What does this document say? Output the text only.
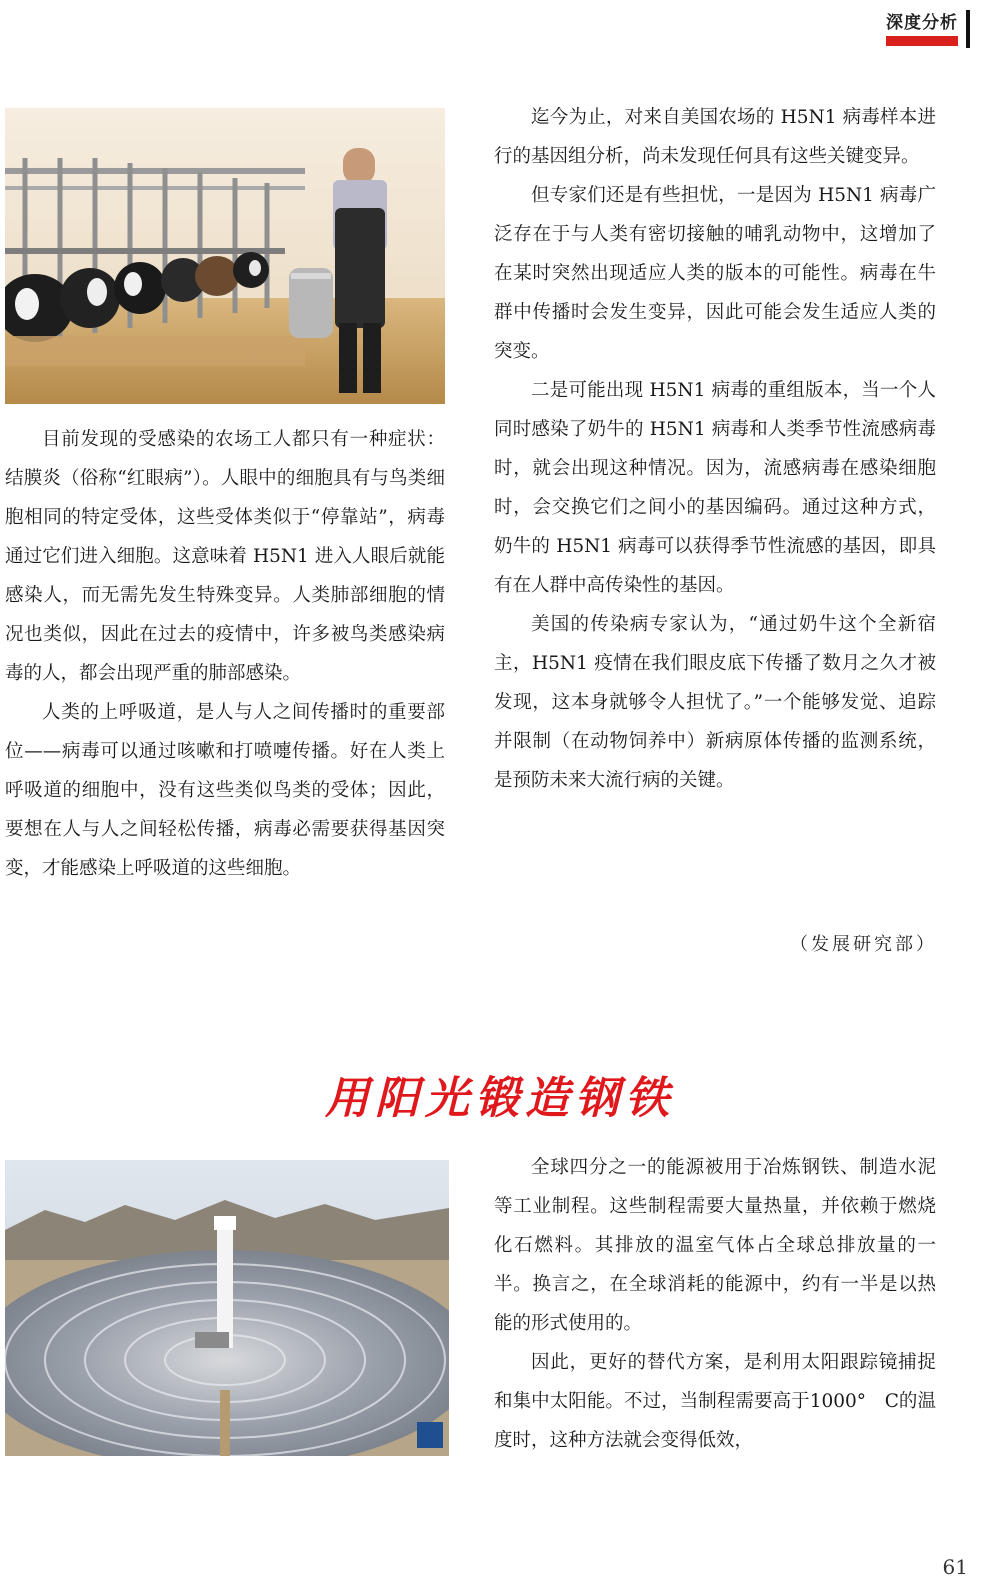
深度分析

目前发现的受感染的农场工人都只有一种症状：结膜炎（俗称“红眼病”）。人眼中的细胞具有与鸟类细胞相同的特定受体，这些受体类似于“停靠站”，病毒通过它们进入细胞。这意味着 H5N1 进入人眼后就能感染人，而无需先发生特殊变异。人类肺部细胞的情况也类似，因此在过去的疫情中，许多被鸟类感染病毒的人，都会出现严重的肺部感染。

人类的上呼吸道，是人与人之间传播时的重要部位——病毒可以通过咳嗽和打喷嚏传播。好在人类上呼吸道的细胞中，没有这些类似鸟类的受体；因此，要想在人与人之间轻松传播，病毒必需要获得基因突变，才能感染上呼吸道的这些细胞。

迄今为止，对来自美国农场的 H5N1 病毒样本进行的基因组分析，尚未发现任何具有这些关键变异。

但专家们还是有些担忧，一是因为 H5N1 病毒广泛存在于与人类有密切接触的哺乳动物中，这增加了在某时突然出现适应人类的版本的可能性。病毒在牛群中传播时会发生变异，因此可能会发生适应人类的突变。

二是可能出现 H5N1 病毒的重组版本，当一个人同时感染了奶牛的 H5N1 病毒和人类季节性流感病毒时，就会出现这种情况。因为，流感病毒在感染细胞时，会交换它们之间小的基因编码。通过这种方式，奶牛的 H5N1 病毒可以获得季节性流感的基因，即具有在人群中高传染性的基因。

美国的传染病专家认为，“通过奶牛这个全新宿主，H5N1 疫情在我们眼皮底下传播了数月之久才被发现，这本身就够令人担忧了。”一个能够发觉、追踪并限制（在动物饲养中）新病原体传播的监测系统，是预防未来大流行病的关键。

（发展研究部）
用阳光锻造钢铁

全球四分之一的能源被用于冶炼钢铁、制造水泥等工业制程。这些制程需要大量热量，并依赖于燃烧化石燃料。其排放的温室气体占全球总排放量的一半。换言之，在全球消耗的能源中，约有一半是以热能的形式使用的。

因此，更好的替代方案，是利用太阳跟踪镜捕捉和集中太阳能。不过，当制程需要高于1000°　C的温度时，这种方法就会变得低效，

61
